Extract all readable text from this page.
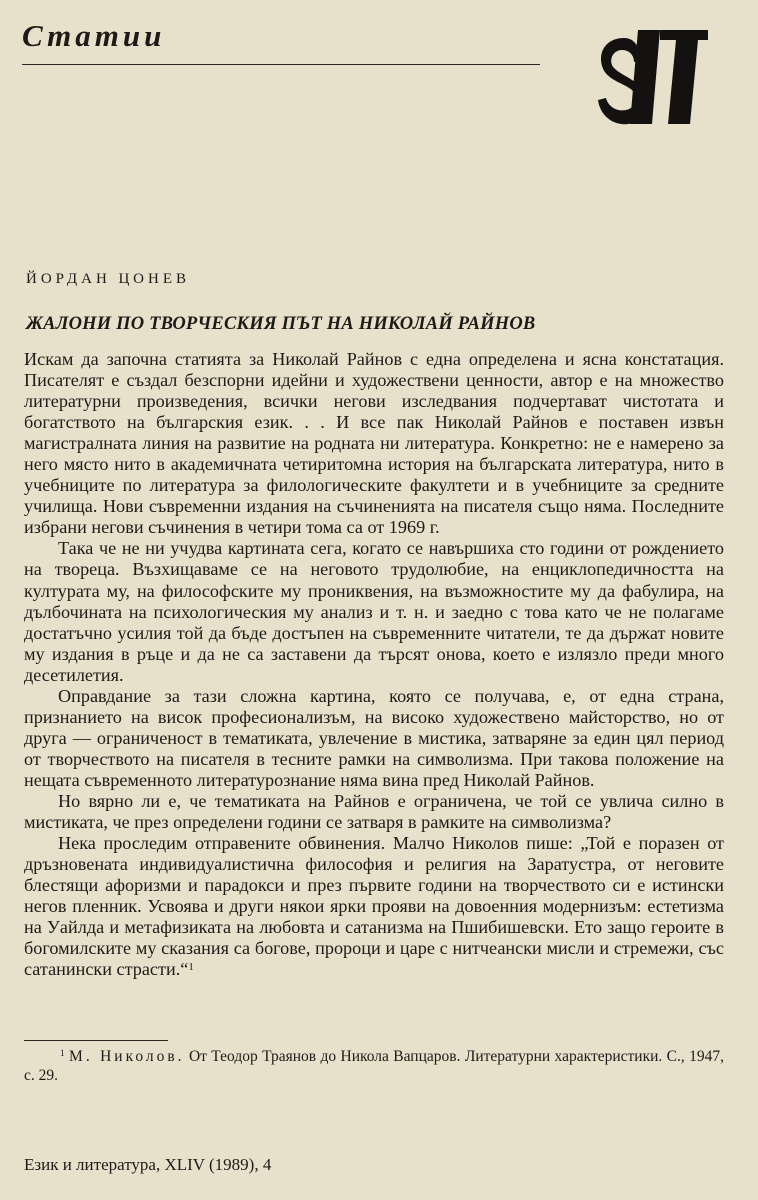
Статии

ЙОРДАН ЦОНЕВ

ЖАЛОНИ ПО ТВОРЧЕСКИЯ ПЪТ НА НИКОЛАЙ РАЙНОВ

Искам да започна статията за Николай Райнов с една определена и ясна констатация. Писателят е създал безспорни идейни и художествени ценности, автор е на множество литературни произведения, всички негови изследвания подчертават чистотата и богатството на българския език. . . И все пак Николай Райнов е поставен извън магистралната линия на развитие на родната ни литература. Конкретно: не е намерено за него място нито в академичната четиритомна история на българската литература, нито в учебниците по литература за филологическите факултети и в учебниците за средните училища. Нови съвременни издания на съчиненията на писателя също няма. Последните избрани негови съчинения в четири тома са от 1969 г.

Така че не ни учудва картината сега, когато се навършиха сто години от рождението на твореца. Възхищаваме се на неговото трудолюбие, на енциклопедичността на културата му, на философските му прониквения, на възможностите му да фабулира, на дълбочината на психологическия му анализ и т. н. и заедно с това като че не полагаме достатъчно усилия той да бъде достъпен на съвременните читатели, те да държат новите му издания в ръце и да не са заставени да търсят онова, което е излязло преди много десетилетия.

Оправдание за тази сложна картина, която се получава, е, от една страна, признанието на висок професионализъм, на високо художествено майсторство, но от друга — ограниченост в тематиката, увлечение в мистика, затваряне за един цял период от творчеството на писателя в тесните рамки на символизма. При такова положение на нещата съвременното литературознание няма вина пред Николай Райнов.

Но вярно ли е, че тематиката на Райнов е ограничена, че той се увлича силно в мистиката, че през определени години се затваря в рамките на символизма?

Нека проследим отправените обвинения. Малчо Николов пише: „Той е поразен от дръзновената индивидуалистична философия и религия на Заратустра, от неговите блестящи афоризми и парадокси и през първите години на творчеството си е истински негов пленник. Усвоява и други някои ярки прояви на довоенния модернизъм: естетизма на Уайлда и метафизиката на любовта и сатанизма на Пшибишевски. Ето защо героите в богомилските му сказания са богове, пророци и царе с нитчеански мисли и стремежи, със сатанински страсти.“$^1$

$^1$ М. Николов. От Теодор Траянов до Никола Вапцаров. Литературни характеристики. С., 1947, с. 29.

Език и литература, XLIV (1989), 4
